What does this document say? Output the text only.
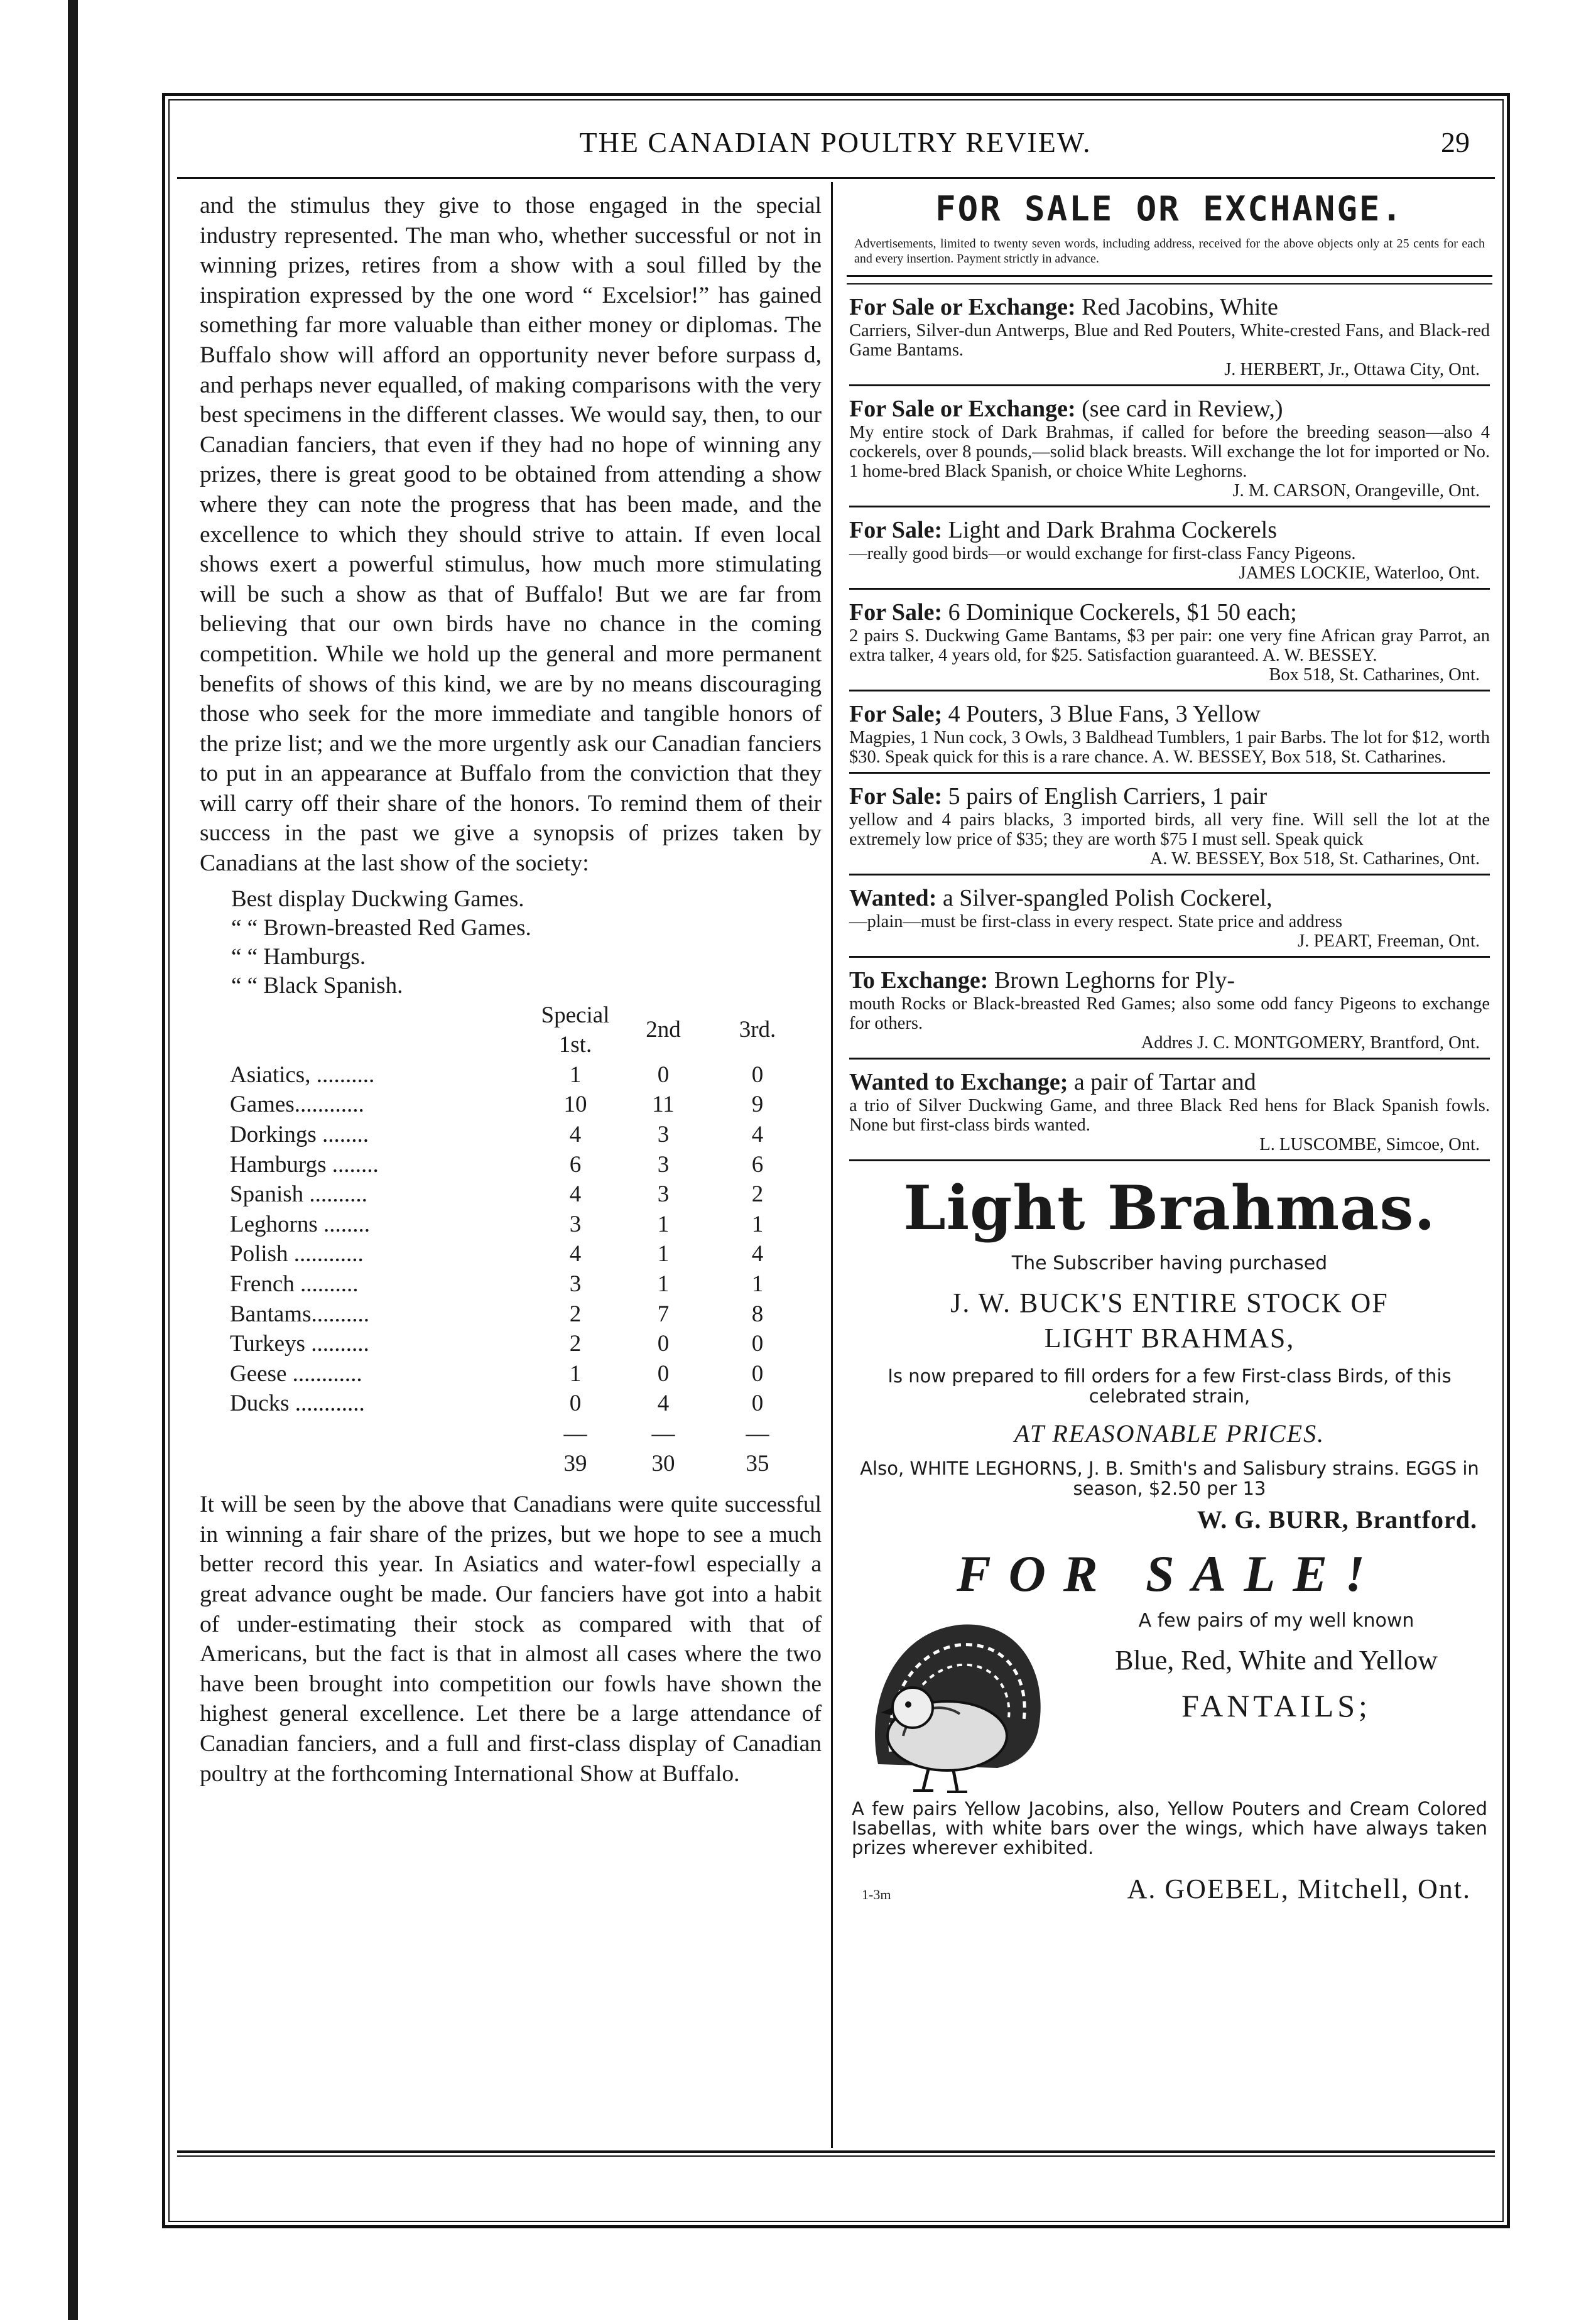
THE CANADIAN POULTRY REVIEW.	29

and the stimulus they give to those engaged in the special industry represented. The man who, whether successful or not in winning prizes, retires from a show with a soul filled by the inspiration expressed by the one word “ Excelsior!” has gained something far more valuable than either money or diplomas. The Buffalo show will afford an opportunity never before surpass d, and perhaps never equalled, of making comparisons with the very best specimens in the different classes. We would say, then, to our Canadian fanciers, that even if they had no hope of winning any prizes, there is great good to be obtained from attending a show where they can note the progress that has been made, and the excellence to which they should strive to attain. If even local shows exert a powerful stimulus, how much more stimulating will be such a show as that of Buffalo! But we are far from believing that our own birds have no chance in the coming competition. While we hold up the general and more permanent benefits of shows of this kind, we are by no means discouraging those who seek for the more immediate and tangible honors of the prize list; and we the more urgently ask our Canadian fanciers to put in an appearance at Buffalo from the conviction that they will carry off their share of the honors. To remind them of their success in the past we give a synopsis of prizes taken by Canadians at the last show of the society:

Best display Duckwing Games.
“ “ Brown-breasted Red Games.
“ “ Hamburgs.
“ “ Black Spanish.
	Special 1st.	2nd	3rd.
Asiatics, ..........	1	0	0
Games............	10	11	9
Dorkings ........	4	3	4
Hamburgs ........	6	3	6
Spanish ..........	4	3	2
Leghorns ........	3	1	1
Polish ............	4	1	4
French ..........	3	1	1
Bantams..........	2	7	8
Turkeys ..........	2	0	0
Geese ............	1	0	0
Ducks ............	0	4	0
	—	—	—
	39	30	35

It will be seen by the above that Canadians were quite successful in winning a fair share of the prizes, but we hope to see a much better record this year. In Asiatics and water-fowl especially a great advance ought be made. Our fanciers have got into a habit of under-estimating their stock as compared with that of Americans, but the fact is that in almost all cases where the two have been brought into competition our fowls have shown the highest general excellence. Let there be a large attendance of Canadian fanciers, and a full and first-class display of Canadian poultry at the forthcoming International Show at Buffalo.

FOR SALE OR EXCHANGE.
Advertisements, limited to twenty seven words, including address, received for the above objects only at 25 cents for each and every insertion. Payment strictly in advance.
For Sale or Exchange: Red Jacobins, White
Carriers, Silver-dun Antwerps, Blue and Red Pouters, White-crested Fans, and Black-red Game Bantams.
J. HERBERT, Jr., Ottawa City, Ont.
For Sale or Exchange: (see card in Review,)
My entire stock of Dark Brahmas, if called for before the breeding season—also 4 cockerels, over 8 pounds,—solid black breasts. Will exchange the lot for imported or No. 1 home-bred Black Spanish, or choice White Leghorns.
J. M. CARSON, Orangeville, Ont.
For Sale: Light and Dark Brahma Cockerels
—really good birds—or would exchange for first-class Fancy Pigeons.
JAMES LOCKIE, Waterloo, Ont.
For Sale: 6 Dominique Cockerels, $1 50 each;
2 pairs S. Duckwing Game Bantams, $3 per pair: one very fine African gray Parrot, an extra talker, 4 years old, for $25. Satisfaction guaranteed. A. W. BESSEY.
Box 518, St. Catharines, Ont.
For Sale; 4 Pouters, 3 Blue Fans, 3 Yellow
Magpies, 1 Nun cock, 3 Owls, 3 Baldhead Tumblers, 1 pair Barbs. The lot for $12, worth $30. Speak quick for this is a rare chance. A. W. BESSEY, Box 518, St. Catharines.
For Sale: 5 pairs of English Carriers, 1 pair
yellow and 4 pairs blacks, 3 imported birds, all very fine. Will sell the lot at the extremely low price of $35; they are worth $75 I must sell. Speak quick
A. W. BESSEY, Box 518, St. Catharines, Ont.
Wanted: a Silver-spangled Polish Cockerel,
—plain—must be first-class in every respect. State price and address
J. PEART, Freeman, Ont.
To Exchange: Brown Leghorns for Ply-
mouth Rocks or Black-breasted Red Games; also some odd fancy Pigeons to exchange for others.
Addres J. C. MONTGOMERY, Brantford, Ont.
Wanted to Exchange; a pair of Tartar and
a trio of Silver Duckwing Game, and three Black Red hens for Black Spanish fowls. None but first-class birds wanted.
L. LUSCOMBE, Simcoe, Ont.
Light Brahmas.
The Subscriber having purchased
J. W. BUCK'S ENTIRE STOCK OF
LIGHT BRAHMAS,
Is now prepared to fill orders for a few First-class Birds, of this celebrated strain,
AT REASONABLE PRICES.
Also, WHITE LEGHORNS, J. B. Smith's and Salisbury strains. EGGS in season, $2.50 per 13
W. G. BURR, Brantford.
FOR SALE!
A few pairs of my well known
Blue, Red, White and Yellow
FANTAILS;
A few pairs Yellow Jacobins, also, Yellow Pouters and Cream Colored Isabellas, with white bars over the wings, which have always taken prizes wherever exhibited.
1-3m	A. GOEBEL, Mitchell, Ont.
